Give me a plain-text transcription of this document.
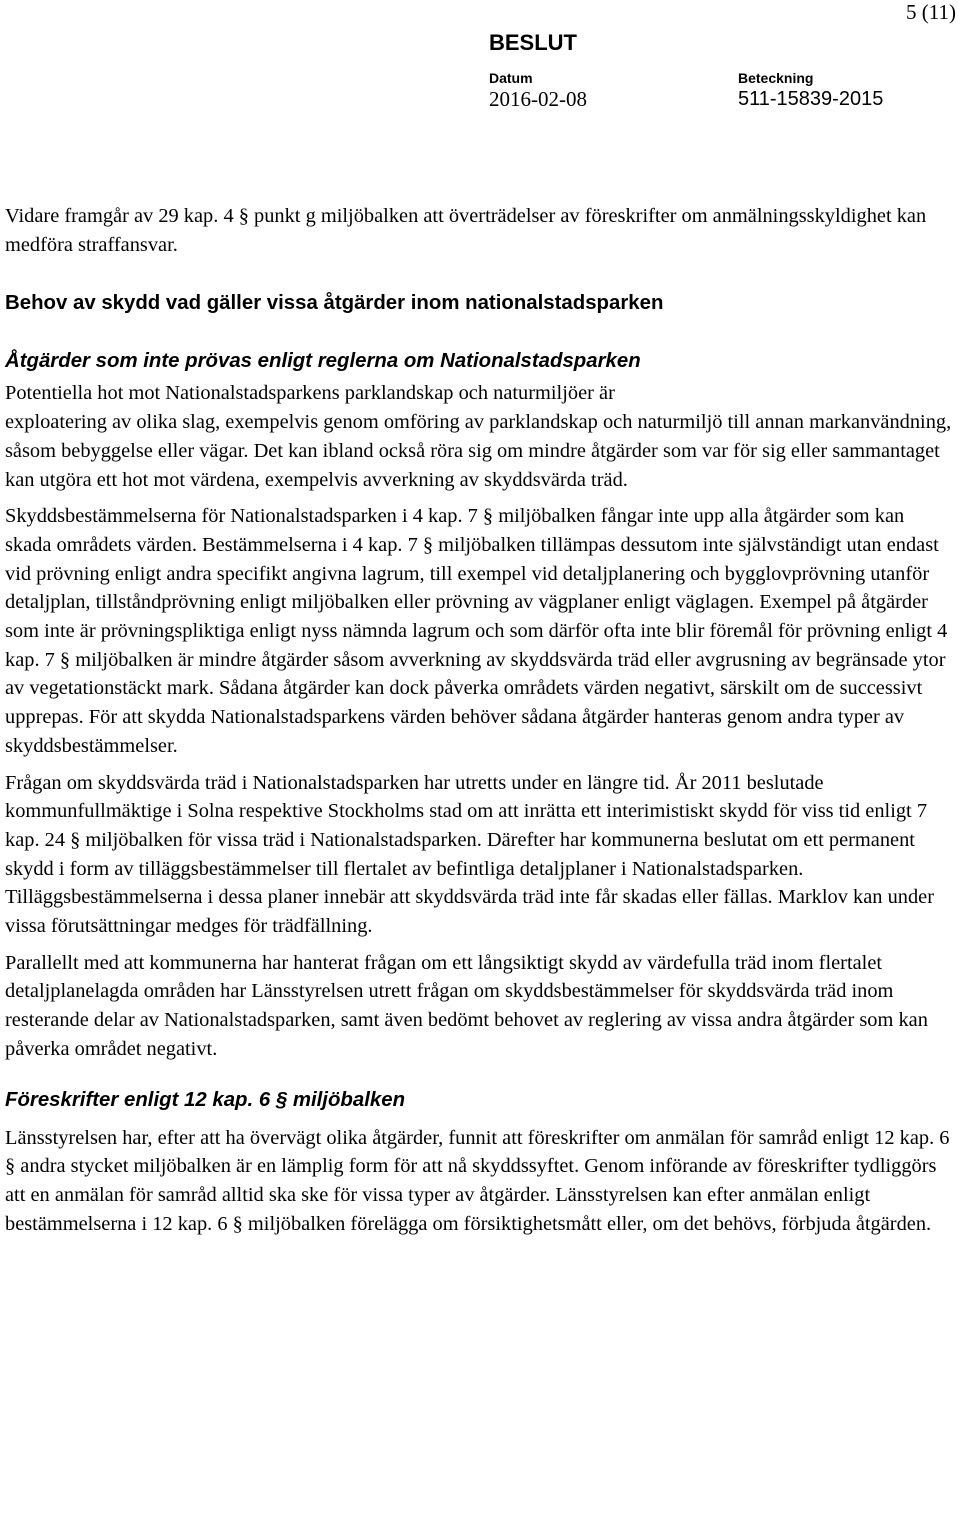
5 (11)
BESLUT
Datum	Beteckning
2016-02-08	511-15839-2015

Vidare framgår av 29 kap. 4 § punkt g miljöbalken att överträdelser av föreskrifter om anmälningsskyldighet kan medföra straffansvar.

Behov av skydd vad gäller vissa åtgärder inom nationalstadsparken
Åtgärder som inte prövas enligt reglerna om Nationalstadsparken

Potentiella hot mot Nationalstadsparkens parklandskap och naturmiljöer är

exploatering av olika slag, exempelvis genom omföring av parklandskap och naturmiljö till annan markanvändning, såsom bebyggelse eller vägar. Det kan ibland också röra sig om mindre åtgärder som var för sig eller sammantaget kan utgöra ett hot mot värdena, exempelvis avverkning av skyddsvärda träd.

Skyddsbestämmelserna för Nationalstadsparken i 4 kap. 7 § miljöbalken fångar inte upp alla åtgärder som kan skada områdets värden. Bestämmelserna i 4 kap. 7 § miljöbalken tillämpas dessutom inte självständigt utan endast vid prövning enligt andra specifikt angivna lagrum, till exempel vid detaljplanering och bygglovprövning utanför detaljplan, tillståndprövning enligt miljöbalken eller prövning av vägplaner enligt väglagen. Exempel på åtgärder som inte är prövningspliktiga enligt nyss nämnda lagrum och som därför ofta inte blir föremål för prövning enligt 4 kap. 7 § miljöbalken är mindre åtgärder såsom avverkning av skyddsvärda träd eller avgrusning av begränsade ytor av vegetationstäckt mark. Sådana åtgärder kan dock påverka områdets värden negativt, särskilt om de successivt upprepas. För att skydda Nationalstadsparkens värden behöver sådana åtgärder hanteras genom andra typer av skyddsbestämmelser.

Frågan om skyddsvärda träd i Nationalstadsparken har utretts under en längre tid. År 2011 beslutade kommunfullmäktige i Solna respektive Stockholms stad om att inrätta ett interimistiskt skydd för viss tid enligt 7 kap. 24 § miljöbalken för vissa träd i Nationalstadsparken. Därefter har kommunerna beslutat om ett permanent skydd i form av tilläggsbestämmelser till flertalet av befintliga detaljplaner i Nationalstadsparken. Tilläggsbestämmelserna i dessa planer innebär att skyddsvärda träd inte får skadas eller fällas. Marklov kan under vissa förutsättningar medges för trädfällning.

Parallellt med att kommunerna har hanterat frågan om ett långsiktigt skydd av värdefulla träd inom flertalet detaljplanelagda områden har Länsstyrelsen utrett frågan om skyddsbestämmelser för skyddsvärda träd inom resterande delar av Nationalstadsparken, samt även bedömt behovet av reglering av vissa andra åtgärder som kan påverka området negativt.

Föreskrifter enligt 12 kap. 6 § miljöbalken

Länsstyrelsen har, efter att ha övervägt olika åtgärder, funnit att föreskrifter om anmälan för samråd enligt 12 kap. 6 § andra stycket miljöbalken är en lämplig form för att nå skyddssyftet. Genom införande av föreskrifter tydliggörs att en anmälan för samråd alltid ska ske för vissa typer av åtgärder. Länsstyrelsen kan efter anmälan enligt bestämmelserna i 12 kap. 6 § miljöbalken förelägga om försiktighetsmått eller, om det behövs, förbjuda åtgärden.
